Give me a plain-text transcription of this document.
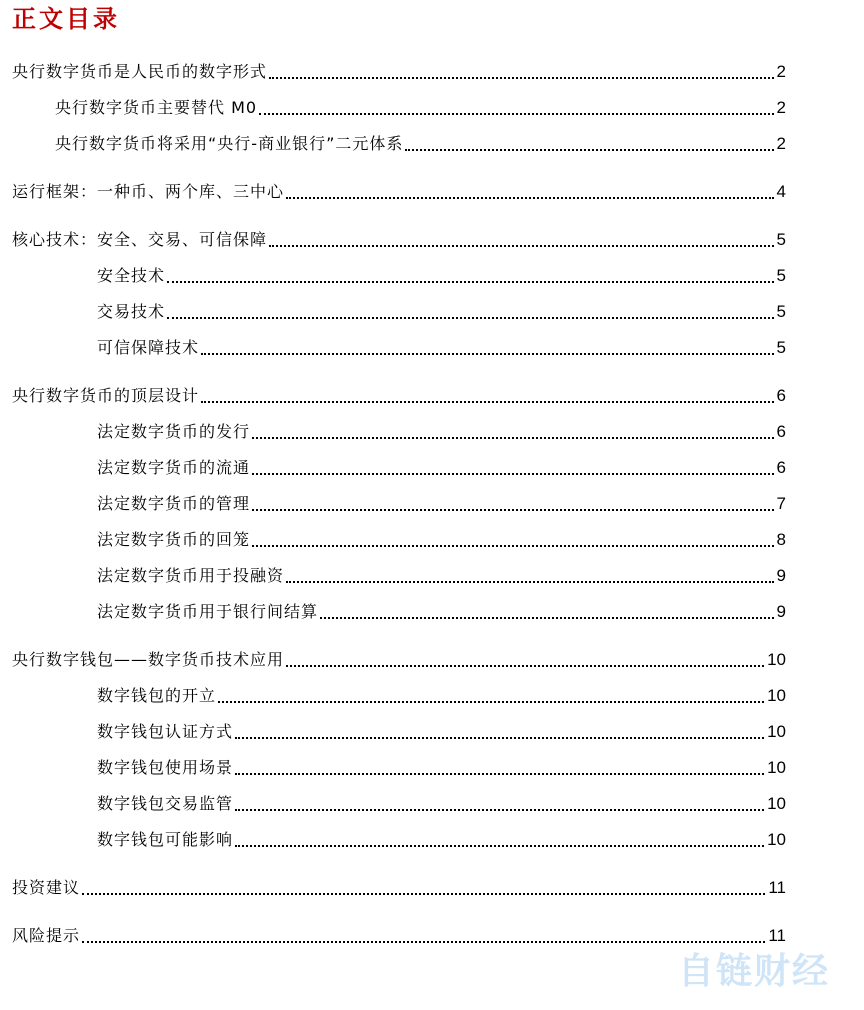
正文目录
央行数字货币是人民币的数字形式	2
央行数字货币主要替代 M0	2
央行数字货币将采用“央行-商业银行”二元体系	2
运行框架：一种币、两个库、三中心	4
核心技术：安全、交易、可信保障	5
安全技术	5
交易技术	5
可信保障技术	5
央行数字货币的顶层设计	6
法定数字货币的发行	6
法定数字货币的流通	6
法定数字货币的管理	7
法定数字货币的回笼	8
法定数字货币用于投融资	9
法定数字货币用于银行间结算	9
央行数字钱包——数字货币技术应用	10
数字钱包的开立	10
数字钱包认证方式	10
数字钱包使用场景	10
数字钱包交易监管	10
数字钱包可能影响	10
投资建议	11
风险提示	11
自链财经
